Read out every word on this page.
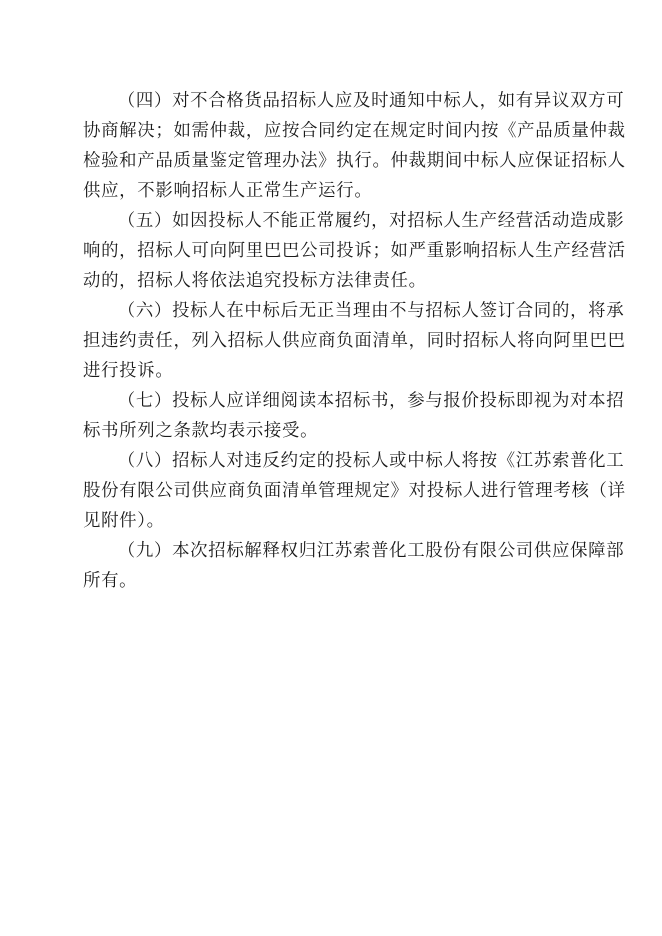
（四）对不合格货品招标人应及时通知中标人，如有异议双方可
协商解决；如需仲裁，应按合同约定在规定时间内按《产品质量仲裁
检验和产品质量鉴定管理办法》执行。仲裁期间中标人应保证招标人
供应，不影响招标人正常生产运行。

（五）如因投标人不能正常履约，对招标人生产经营活动造成影
响的，招标人可向阿里巴巴公司投诉；如严重影响招标人生产经营活
动的，招标人将依法追究投标方法律责任。

（六）投标人在中标后无正当理由不与招标人签订合同的，将承
担违约责任，列入招标人供应商负面清单，同时招标人将向阿里巴巴
进行投诉。

（七）投标人应详细阅读本招标书，参与报价投标即视为对本招
标书所列之条款均表示接受。

（八）招标人对违反约定的投标人或中标人将按《江苏索普化工
股份有限公司供应商负面清单管理规定》对投标人进行管理考核（详
见附件）。

（九）本次招标解释权归江苏索普化工股份有限公司供应保障部
所有。
